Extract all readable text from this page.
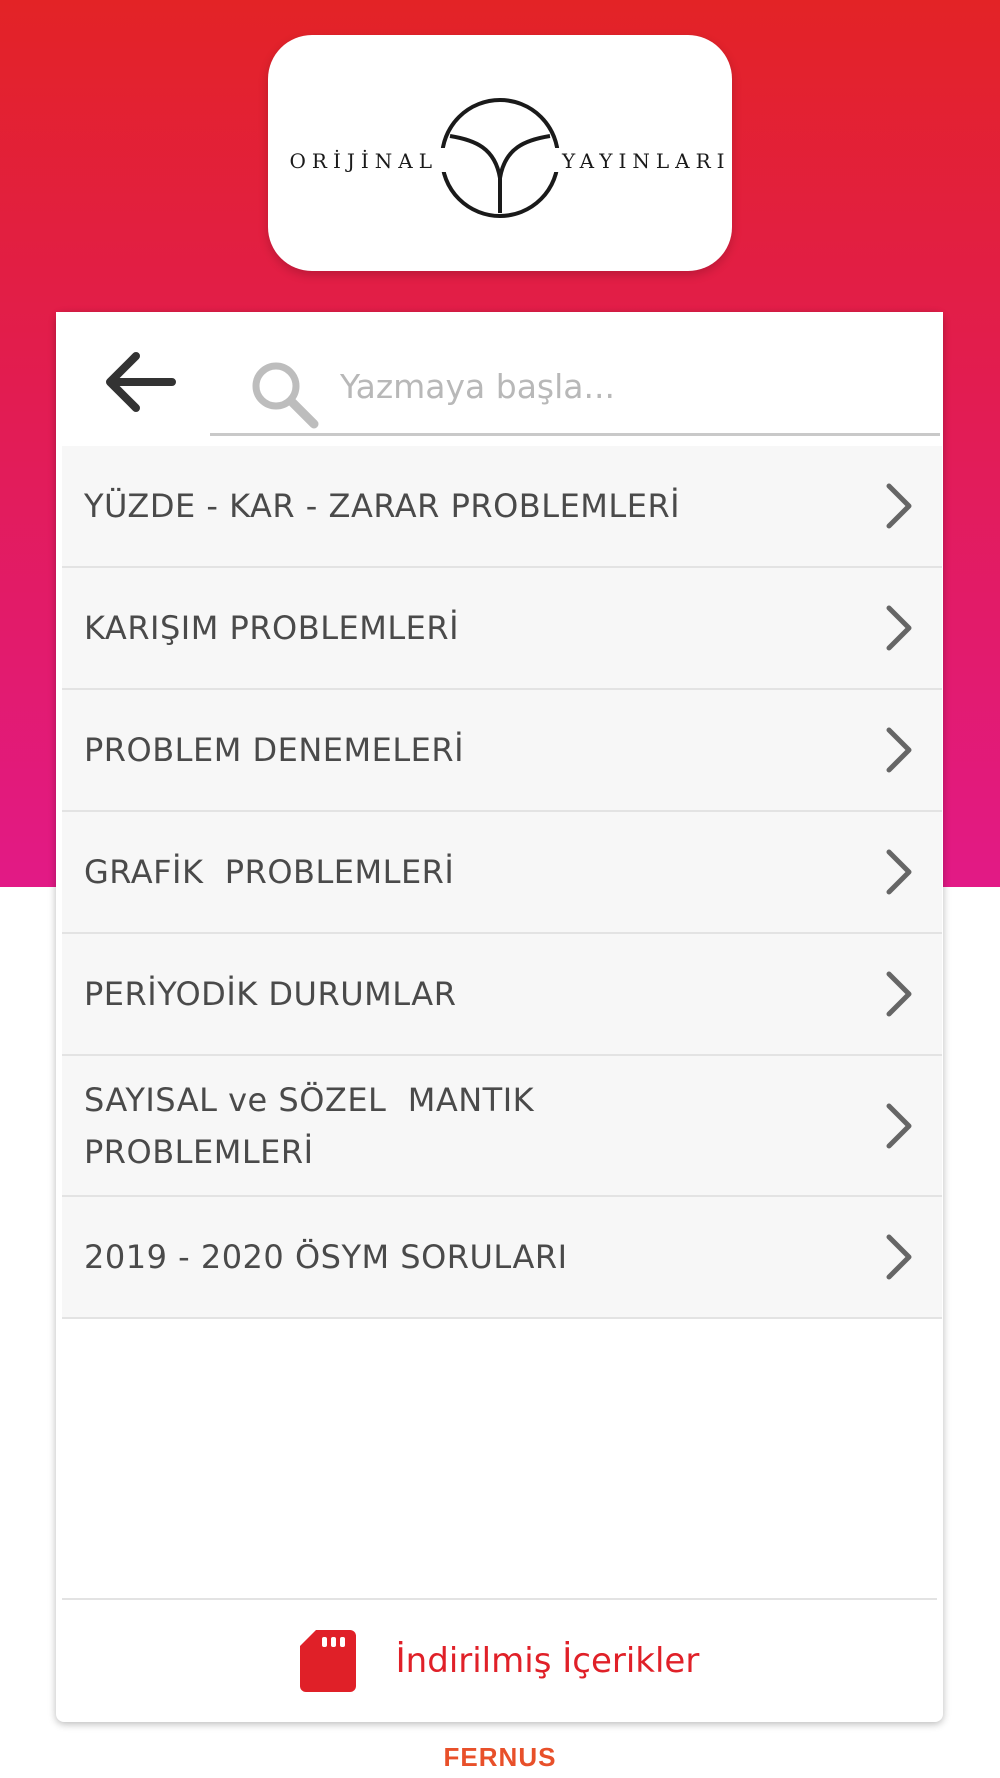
ORİJİNAL	YAYINLARI
Yazmaya başla...
YÜZDE - KAR - ZARAR PROBLEMLERİ
KARIŞIM PROBLEMLERİ
PROBLEM DENEMELERİ
GRAFİK  PROBLEMLERİ
PERİYODİK DURUMLAR
SAYISAL ve SÖZEL  MANTIK
PROBLEMLERİ
2019 - 2020 ÖSYM SORULARI
İndirilmiş İçerikler
FERNUS
